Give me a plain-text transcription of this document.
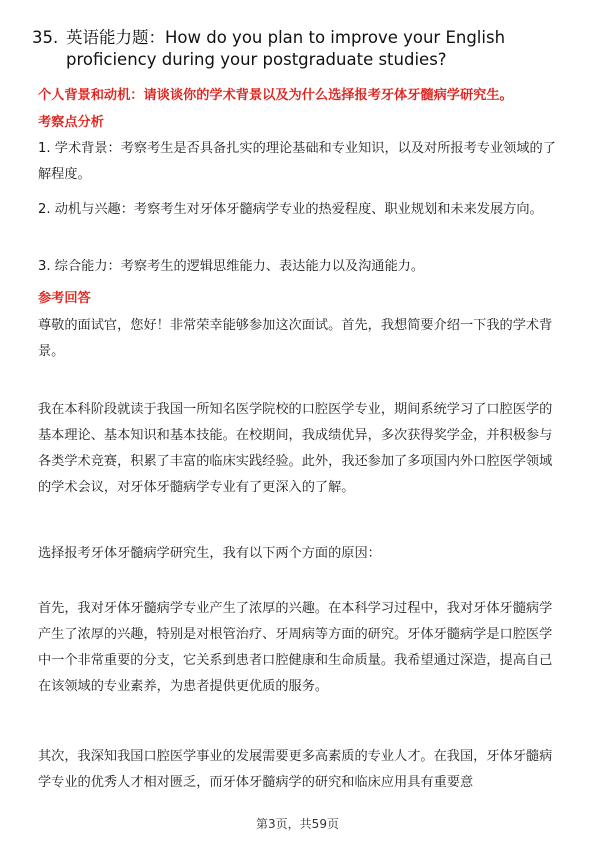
35. 英语能力题：How do you plan to improve your English
proficiency during your postgraduate studies?
个人背景和动机：请谈谈你的学术背景以及为什么选择报考牙体牙髓病学研究生。
考察点分析

1. 学术背景：考察考生是否具备扎实的理论基础和专业知识，以及对所报考专业领域的了解程度。

2. 动机与兴趣：考察考生对牙体牙髓病学专业的热爱程度、职业规划和未来发展方向。

3. 综合能力：考察考生的逻辑思维能力、表达能力以及沟通能力。

参考回答

尊敬的面试官，您好！非常荣幸能够参加这次面试。首先，我想简要介绍一下我的学术背景。

我在本科阶段就读于我国一所知名医学院校的口腔医学专业，期间系统学习了口腔医学的基本理论、基本知识和基本技能。在校期间，我成绩优异，多次获得奖学金，并积极参与各类学术竞赛，积累了丰富的临床实践经验。此外，我还参加了多项国内外口腔医学领域的学术会议，对牙体牙髓病学专业有了更深入的了解。

选择报考牙体牙髓病学研究生，我有以下两个方面的原因：

首先，我对牙体牙髓病学专业产生了浓厚的兴趣。在本科学习过程中，我对牙体牙髓病学产生了浓厚的兴趣，特别是对根管治疗、牙周病等方面的研究。牙体牙髓病学是口腔医学中一个非常重要的分支，它关系到患者口腔健康和生命质量。我希望通过深造，提高自己在该领域的专业素养，为患者提供更优质的服务。

其次，我深知我国口腔医学事业的发展需要更多高素质的专业人才。在我国，牙体牙髓病学专业的优秀人才相对匮乏，而牙体牙髓病学的研究和临床应用具有重要意

第3页，共59页
